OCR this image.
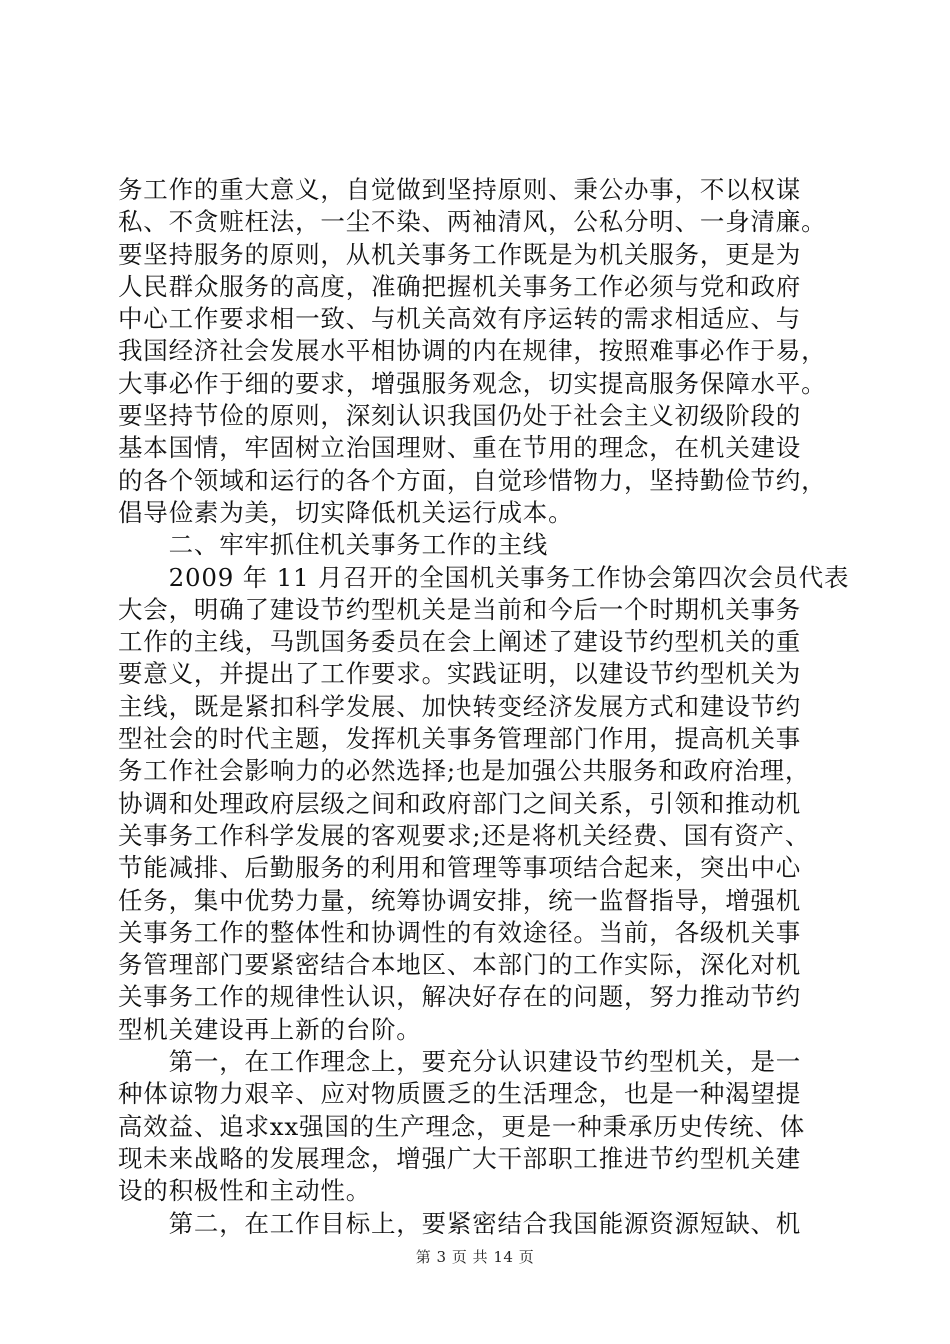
务工作的重大意义，自觉做到坚持原则、秉公办事，不以权谋
私、不贪赃枉法，一尘不染、两袖清风，公私分明、一身清廉。
要坚持服务的原则，从机关事务工作既是为机关服务，更是为
人民群众服务的高度，准确把握机关事务工作必须与党和政府
中心工作要求相一致、与机关高效有序运转的需求相适应、与
我国经济社会发展水平相协调的内在规律，按照难事必作于易，
大事必作于细的要求，增强服务观念，切实提高服务保障水平。
要坚持节俭的原则，深刻认识我国仍处于社会主义初级阶段的
基本国情，牢固树立治国理财、重在节用的理念，在机关建设
的各个领域和运行的各个方面，自觉珍惜物力，坚持勤俭节约，
倡导俭素为美，切实降低机关运行成本。
　　二、牢牢抓住机关事务工作的主线
　　2009 年 11 月召开的全国机关事务工作协会第四次会员代表
大会，明确了建设节约型机关是当前和今后一个时期机关事务
工作的主线，马凯国务委员在会上阐述了建设节约型机关的重
要意义，并提出了工作要求。实践证明，以建设节约型机关为
主线，既是紧扣科学发展、加快转变经济发展方式和建设节约
型社会的时代主题，发挥机关事务管理部门作用，提高机关事
务工作社会影响力的必然选择;也是加强公共服务和政府治理，
协调和处理政府层级之间和政府部门之间关系，引领和推动机
关事务工作科学发展的客观要求;还是将机关经费、国有资产、
节能减排、后勤服务的利用和管理等事项结合起来，突出中心
任务，集中优势力量，统筹协调安排，统一监督指导，增强机
关事务工作的整体性和协调性的有效途径。当前，各级机关事
务管理部门要紧密结合本地区、本部门的工作实际，深化对机
关事务工作的规律性认识，解决好存在的问题，努力推动节约
型机关建设再上新的台阶。
　　第一，在工作理念上，要充分认识建设节约型机关，是一
种体谅物力艰辛、应对物质匮乏的生活理念，也是一种渴望提
高效益、追求xx强国的生产理念，更是一种秉承历史传统、体
现未来战略的发展理念，增强广大干部职工推进节约型机关建
设的积极性和主动性。
　　第二，在工作目标上，要紧密结合我国能源资源短缺、机
第 3 页 共 14 页
